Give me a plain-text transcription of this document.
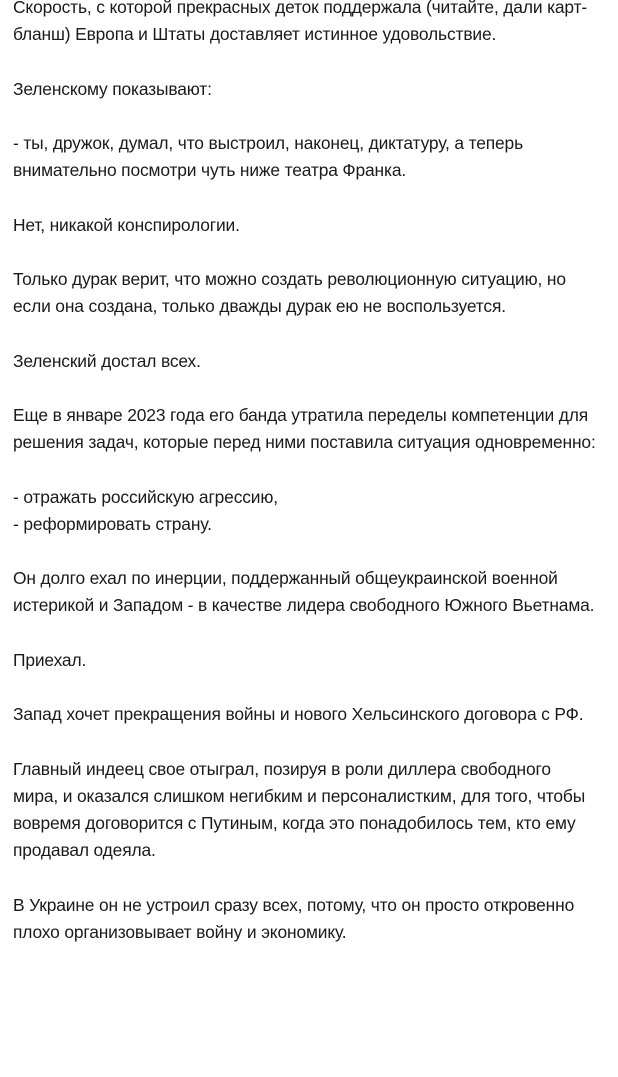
Скорость, с которой прекрасных деток поддержала (читайте, дали карт-бланш) Европа и Штаты доставляет истинное удовольствие.

Зеленскому показывают:

- ты, дружок, думал, что выстроил, наконец, диктатуру, а теперь внимательно посмотри чуть ниже театра Франка.

Нет, никакой конспирологии.

Только дурак верит, что можно создать революционную ситуацию, но если она создана, только дважды дурак ею не воспользуется.

Зеленский достал всех.

Еще в январе 2023 года его банда утратила переделы компетенции для решения задач, которые перед ними поставила ситуация одновременно:

- отражать российскую агрессию,
- реформировать страну.

Он долго ехал по инерции, поддержанный общеукраинской военной истерикой и Западом - в качестве лидера свободного Южного Вьетнама.

Приехал.

Запад хочет прекращения войны и нового Хельсинского договора с РФ.

Главный индеец свое отыграл, позируя в роли диллера свободного мира, и оказался слишком негибким и персоналистким, для того, чтобы вовремя договорится с Путиным, когда это понадобилось тем, кто ему продавал одеяла.

В Украине он не устроил сразу всех, потому, что он просто откровенно плохо организовывает войну и экономику.
